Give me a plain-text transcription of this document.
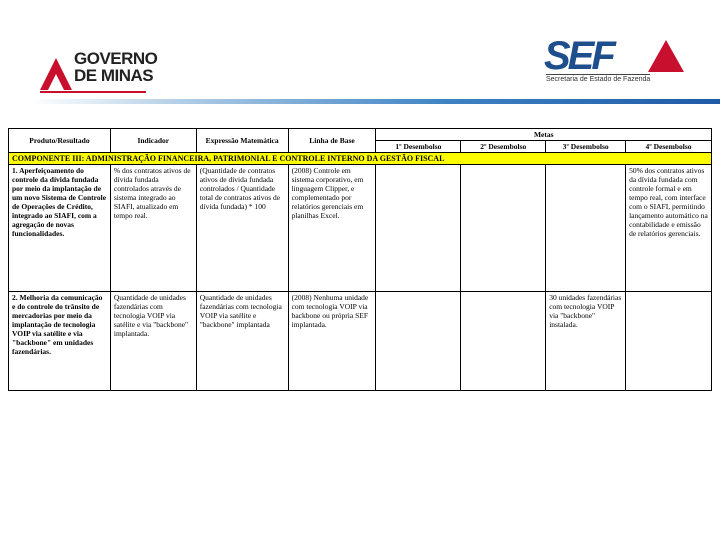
GOVERNO
DE MINAS	SEF
Secretaria de Estado de Fazenda
Produto/Resultado	Indicador	Expressão Matemática	Linha de Base	Metas			
				1º Desembolso	2º Desembolso	3º Desembolso	4º Desembolso
COMPONENTE III: ADMINISTRAÇÃO FINANCEIRA, PATRIMONIAL E CONTROLE INTERNO DA GESTÃO FISCAL							
1. Aperfeiçoamento do controle da dívida fundada por meio da implantação de um novo Sistema de Controle de Operações de Crédito, integrado ao SIAFI, com a agregação de novas funcionalidades.	% dos contratos ativos de dívida fundada controlados através de sistema integrado ao SIAFI, atualizado em tempo real.	(Quantidade de contratos ativos de dívida fundada controlados / Quantidade total de contratos ativos de dívida fundada) * 100	(2008) Controle em sistema corporativo, em linguagem Clipper, e complementado por relatórios gerenciais em planilhas Excel.				50% dos contratos ativos da dívida fundada com controle formal e em tempo real, com interface com o SIAFI, permitindo lançamento automático na contabilidade e emissão de relatórios gerenciais.
2. Melhoria da comunicação e do controle do trânsito de mercadorias por meio da implantação de tecnologia VOIP via satélite e via "backbone" em unidades fazendárias.	Quantidade de unidades fazendárias com tecnologia VOIP via satélite e via "backbone" implantada.	Quantidade de unidades fazendárias com tecnologia VOIP via satélite e "backbone" implantada	(2008) Nenhuma unidade com tecnologia VOIP via backbone ou própria SEF implantada.			30 unidades fazendárias com tecnologia VOIP via "backbone" instalada.	
